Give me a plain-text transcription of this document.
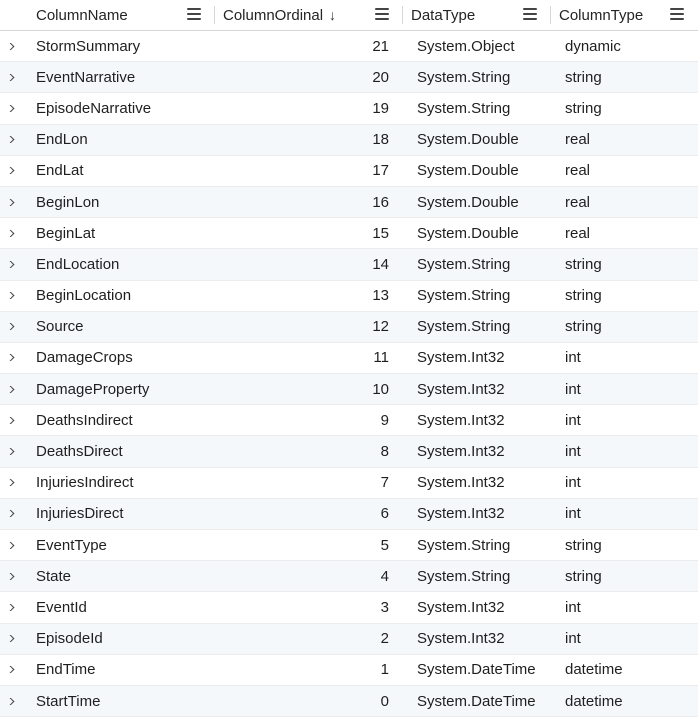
ColumnName	ColumnOrdinal ↓	DataType	ColumnType
StormSummary	21	System.Object	dynamic
EventNarrative	20	System.String	string
EpisodeNarrative	19	System.String	string
EndLon	18	System.Double	real
EndLat	17	System.Double	real
BeginLon	16	System.Double	real
BeginLat	15	System.Double	real
EndLocation	14	System.String	string
BeginLocation	13	System.String	string
Source	12	System.String	string
DamageCrops	11	System.Int32	int
DamageProperty	10	System.Int32	int
DeathsIndirect	9	System.Int32	int
DeathsDirect	8	System.Int32	int
InjuriesIndirect	7	System.Int32	int
InjuriesDirect	6	System.Int32	int
EventType	5	System.String	string
State	4	System.String	string
EventId	3	System.Int32	int
EpisodeId	2	System.Int32	int
EndTime	1	System.DateTime	datetime
StartTime	0	System.DateTime	datetime
